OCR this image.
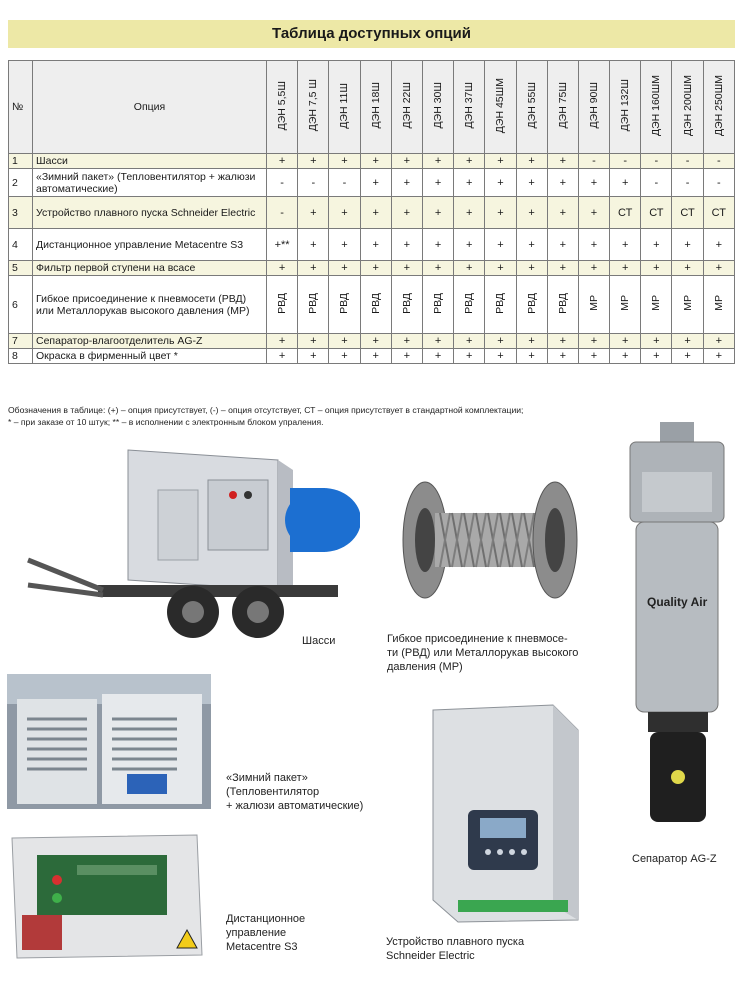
Таблица доступных опций
№	Опция	ДЭН 5,5Ш	ДЭН 7,5 Ш	ДЭН 11Ш	ДЭН 18Ш	ДЭН 22Ш	ДЭН 30Ш	ДЭН 37Ш	ДЭН 45ШМ	ДЭН 55Ш	ДЭН 75Ш	ДЭН 90Ш	ДЭН 132Ш	ДЭН 160ШМ	ДЭН 200ШМ	ДЭН 250ШМ
1	Шасси	+	+	+	+	+	+	+	+	+	+	-	-	-	-	-
2	«Зимний пакет» (Тепловентилятор + жалюзи автоматические)	-	-	-	+	+	+	+	+	+	+	+	+	-	-	-
3	Устройство плавного пуска Schneider Electric	-	+	+	+	+	+	+	+	+	+	+	СТ	СТ	СТ	СТ
4	Дистанционное управление Metacentre S3	+**	+	+	+	+	+	+	+	+	+	+	+	+	+	+
5	Фильтр первой ступени на всасе	+	+	+	+	+	+	+	+	+	+	+	+	+	+	+
6	Гибкое присоединение к пневмосети (РВД) или Металлорукав высокого давления (МР)	РВД	РВД	РВД	РВД	РВД	РВД	РВД	РВД	РВД	РВД	МР	МР	МР	МР	МР
7	Сепаратор-влагоотделитель AG-Z	+	+	+	+	+	+	+	+	+	+	+	+	+	+	+
8	Окраска в фирменный цвет *	+	+	+	+	+	+	+	+	+	+	+	+	+	+	+
Обозначения в таблице: (+) – опция присутствует, (-) – опция отсутствует, СТ – опция присутствует в стандартной комплектации;
* – при заказе от 10 штук; ** – в исполнении с электронным блоком упраления.
Шасси	Гибкое присоединение к пневмосе-
ти (РВД) или Металлорукав высокого
давления (МР)
Quality Air
Сепаратор AG-Z
«Зимний пакет»
(Тепловентилятор
+ жалюзи автоматические)
Дистанционное
управление
Metacentre S3	Устройство плавного пуска
Schneider Electric
